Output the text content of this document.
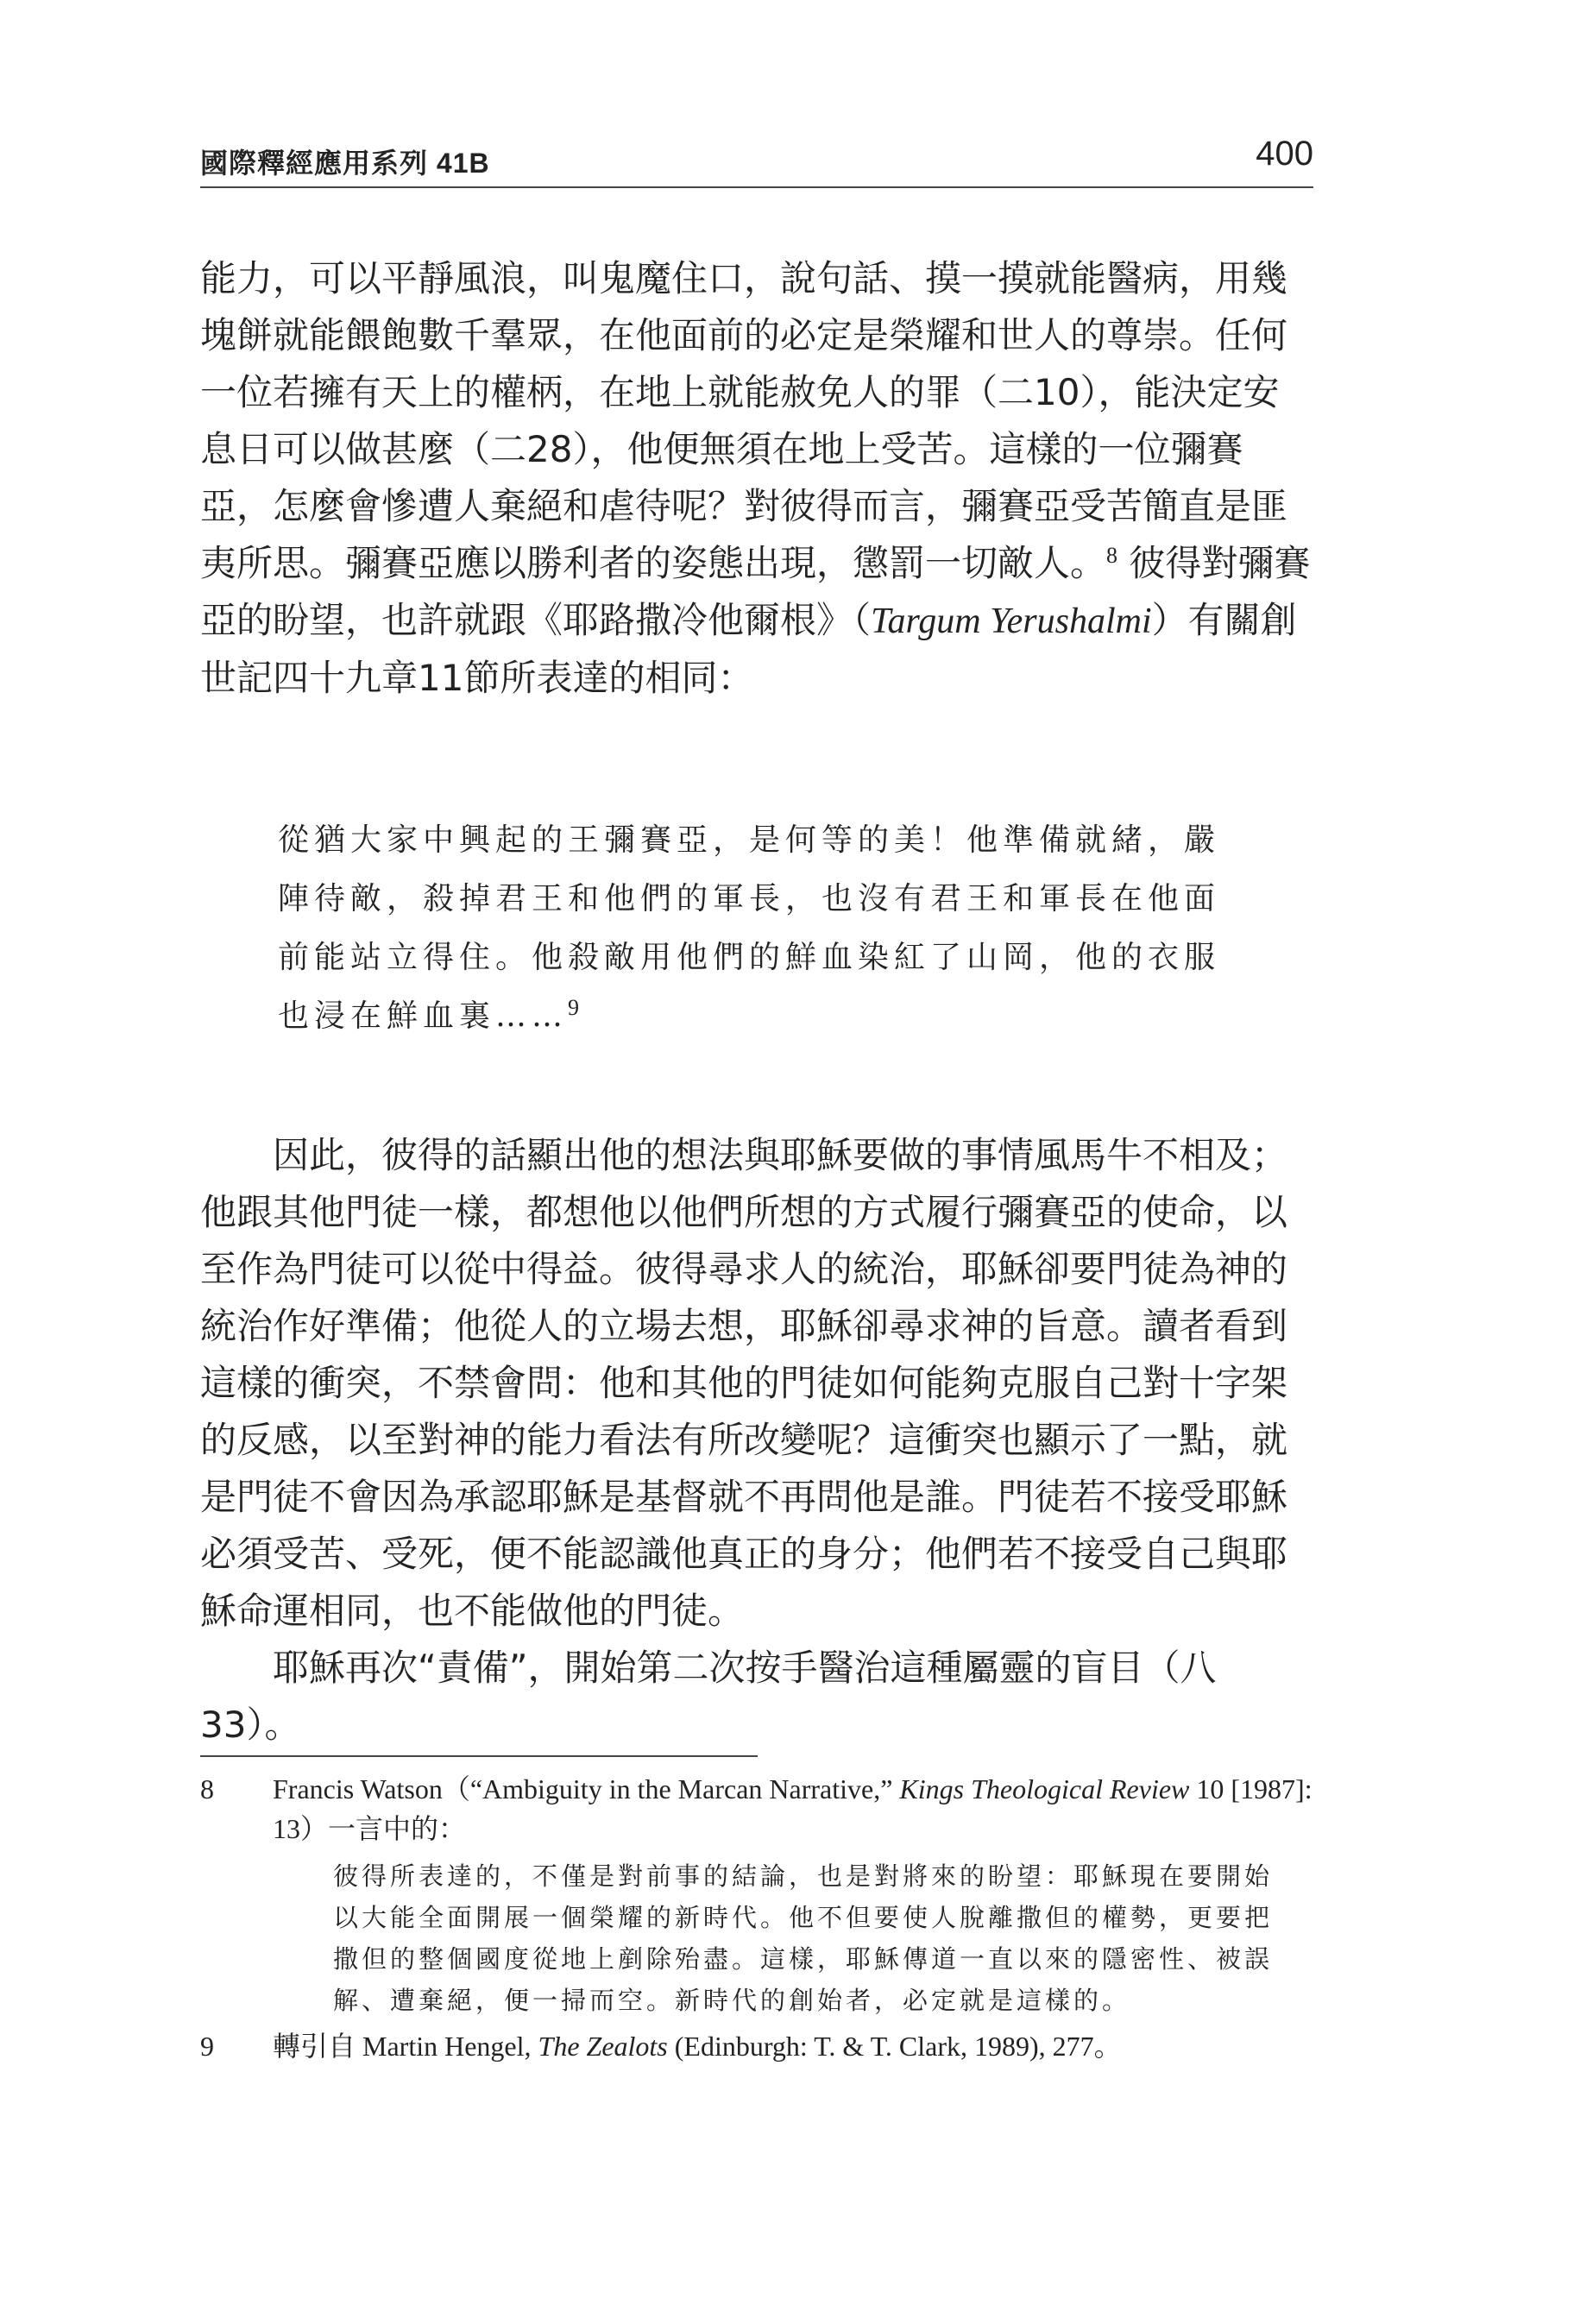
國際釋經應用系列 41B	400

能力，可以平靜風浪，叫鬼魔住口，說句話、摸一摸就能醫病，用幾塊餅就能餵飽數千羣眾，在他面前的必定是榮耀和世人的尊崇。任何一位若擁有天上的權柄，在地上就能赦免人的罪（二10），能決定安息日可以做甚麼（二28），他便無須在地上受苦。這樣的一位彌賽亞，怎麼會慘遭人棄絕和虐待呢？對彼得而言，彌賽亞受苦簡直是匪夷所思。彌賽亞應以勝利者的姿態出現，懲罰一切敵人。$^8$ 彼得對彌賽亞的盼望，也許就跟《耶路撒冷他爾根》（Targum Yerushalmi）有關創世記四十九章11節所表達的相同：

從猶大家中興起的王彌賽亞，是何等的美！他準備就緒，嚴陣待敵，殺掉君王和他們的軍長，也沒有君王和軍長在他面前能站立得住。他殺敵用他們的鮮血染紅了山岡，他的衣服也浸在鮮血裏……$^9$

因此，彼得的話顯出他的想法與耶穌要做的事情風馬牛不相及；他跟其他門徒一樣，都想他以他們所想的方式履行彌賽亞的使命，以至作為門徒可以從中得益。彼得尋求人的統治，耶穌卻要門徒為神的統治作好準備；他從人的立場去想，耶穌卻尋求神的旨意。讀者看到這樣的衝突，不禁會問：他和其他的門徒如何能夠克服自己對十字架的反感，以至對神的能力看法有所改變呢？這衝突也顯示了一點，就是門徒不會因為承認耶穌是基督就不再問他是誰。門徒若不接受耶穌必須受苦、受死，便不能認識他真正的身分；他們若不接受自己與耶穌命運相同，也不能做他的門徒。

耶穌再次“責備”，開始第二次按手醫治這種屬靈的盲目（八33）。

8 Francis Watson（“Ambiguity in the Marcan Narrative,” Kings Theological Review 10 [1987]: 13）一言中的：
彼得所表達的，不僅是對前事的結論，也是對將來的盼望：耶穌現在要開始以大能全面開展一個榮耀的新時代。他不但要使人脫離撒但的權勢，更要把撒但的整個國度從地上剷除殆盡。這樣，耶穌傳道一直以來的隱密性、被誤解、遭棄絕，便一掃而空。新時代的創始者，必定就是這樣的。
9 轉引自 Martin Hengel, The Zealots (Edinburgh: T. & T. Clark, 1989), 277。
